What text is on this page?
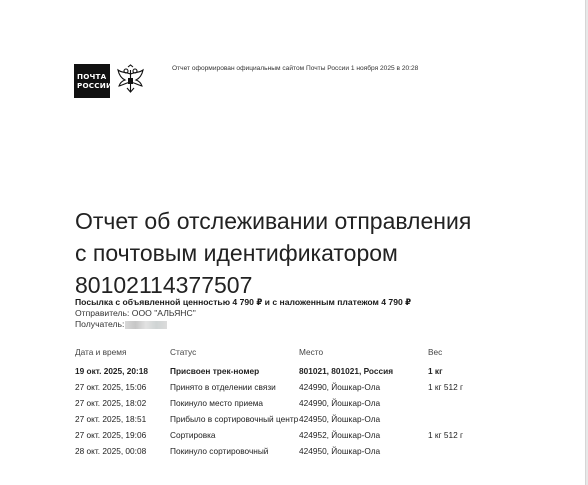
ПОЧТА
РОССИИ
Отчет оформирован официальным сайтом Почты России 1 ноября 2025 в 20:28
Отчет об отслеживании отправления
с почтовым идентификатором
80102114377507
Посылка с объявленной ценностью 4 790 ₽ и с наложенным платежом 4 790 ₽
Отправитель: ООО "АЛЬЯНС"
Получатель:
Дата и время	Статус	Место	Вес
19 окт. 2025, 20:18	Присвоен трек-номер	801021, 801021, Россия	1 кг
27 окт. 2025, 15:06	Принято в отделении связи	424990, Йошкар-Ола	1 кг 512 г
27 окт. 2025, 18:02	Покинуло место приема	424990, Йошкар-Ола	
27 окт. 2025, 18:51	Прибыло в сортировочный центр	424950, Йошкар-Ола	
27 окт. 2025, 19:06	Сортировка	424952, Йошкар-Ола	1 кг 512 г
28 окт. 2025, 00:08	Покинуло сортировочный	424950, Йошкар-Ола	
